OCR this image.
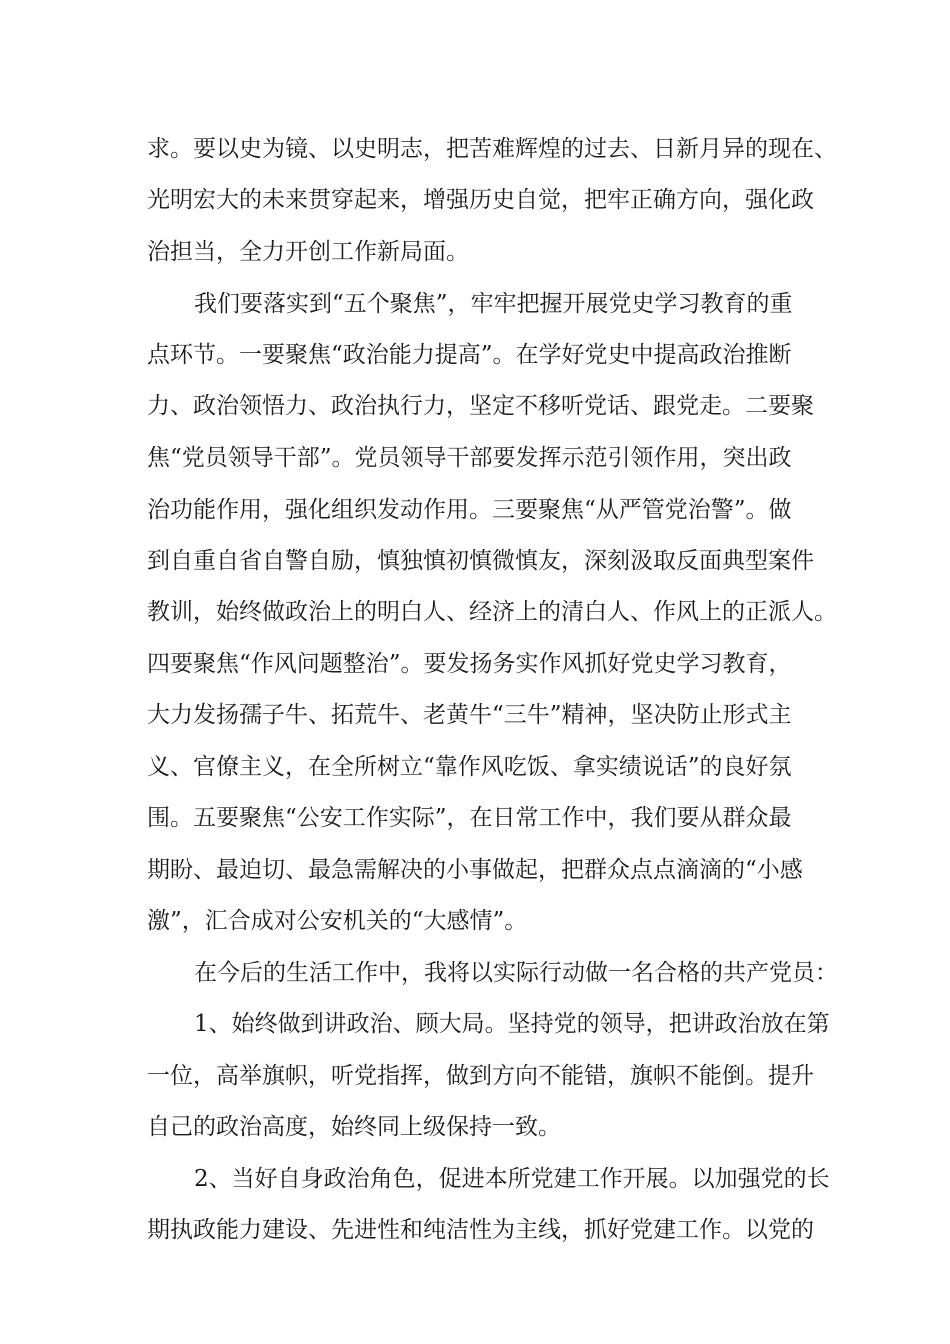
求。要以史为镜、以史明志，把苦难辉煌的过去、日新月异的现在、
光明宏大的未来贯穿起来，增强历史自觉，把牢正确方向，强化政
治担当，全力开创工作新局面。
我们要落实到“五个聚焦”，牢牢把握开展党史学习教育的重
点环节。一要聚焦“政治能力提高”。在学好党史中提高政治推断
力、政治领悟力、政治执行力，坚定不移听党话、跟党走。二要聚
焦“党员领导干部”。党员领导干部要发挥示范引领作用，突出政
治功能作用，强化组织发动作用。三要聚焦“从严管党治警”。做
到自重自省自警自励，慎独慎初慎微慎友，深刻汲取反面典型案件
教训，始终做政治上的明白人、经济上的清白人、作风上的正派人。
四要聚焦“作风问题整治”。要发扬务实作风抓好党史学习教育，
大力发扬孺子牛、拓荒牛、老黄牛“三牛”精神，坚决防止形式主
义、官僚主义，在全所树立“靠作风吃饭、拿实绩说话”的良好氛
围。五要聚焦“公安工作实际”，在日常工作中，我们要从群众最
期盼、最迫切、最急需解决的小事做起，把群众点点滴滴的“小感
激”，汇合成对公安机关的“大感情”。
在今后的生活工作中，我将以实际行动做一名合格的共产党员：
1、始终做到讲政治、顾大局。坚持党的领导，把讲政治放在第
一位，高举旗帜，听党指挥，做到方向不能错，旗帜不能倒。提升
自己的政治高度，始终同上级保持一致。
2、当好自身政治角色，促进本所党建工作开展。以加强党的长
期执政能力建设、先进性和纯洁性为主线，抓好党建工作。以党的
